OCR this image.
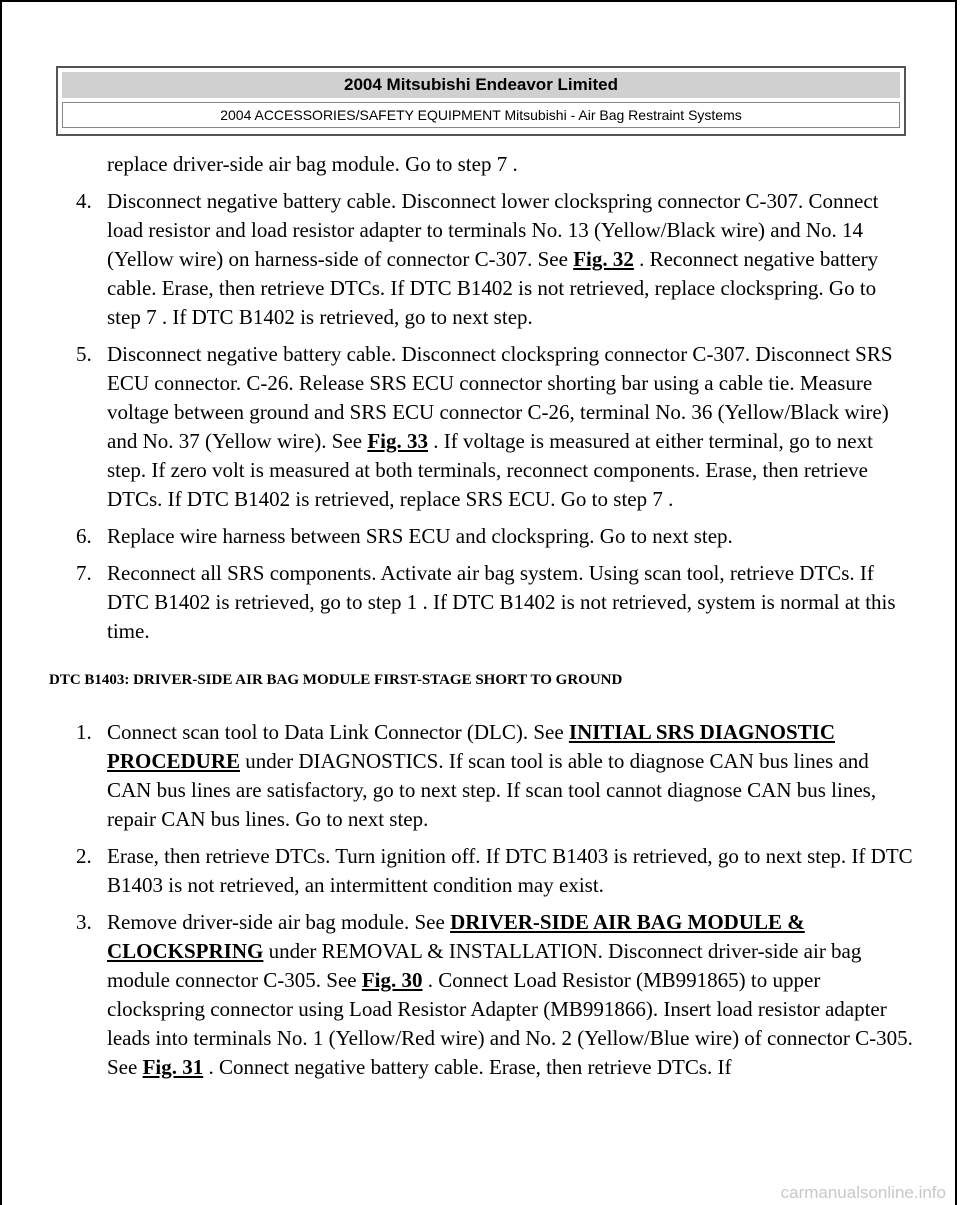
2004 Mitsubishi Endeavor Limited
2004 ACCESSORIES/SAFETY EQUIPMENT Mitsubishi - Air Bag Restraint Systems
replace driver-side air bag module. Go to step 7 .
4. Disconnect negative battery cable. Disconnect lower clockspring connector C-307. Connect load resistor and load resistor adapter to terminals No. 13 (Yellow/Black wire) and No. 14 (Yellow wire) on harness-side of connector C-307. See Fig. 32 . Reconnect negative battery cable. Erase, then retrieve DTCs. If DTC B1402 is not retrieved, replace clockspring. Go to step 7 . If DTC B1402 is retrieved, go to next step.
5. Disconnect negative battery cable. Disconnect clockspring connector C-307. Disconnect SRS ECU connector. C-26. Release SRS ECU connector shorting bar using a cable tie. Measure voltage between ground and SRS ECU connector C-26, terminal No. 36 (Yellow/Black wire) and No. 37 (Yellow wire). See Fig. 33 . If voltage is measured at either terminal, go to next step. If zero volt is measured at both terminals, reconnect components. Erase, then retrieve DTCs. If DTC B1402 is retrieved, replace SRS ECU. Go to step 7 .
6. Replace wire harness between SRS ECU and clockspring. Go to next step.
7. Reconnect all SRS components. Activate air bag system. Using scan tool, retrieve DTCs. If DTC B1402 is retrieved, go to step 1 . If DTC B1402 is not retrieved, system is normal at this time.
DTC B1403: DRIVER-SIDE AIR BAG MODULE FIRST-STAGE SHORT TO GROUND
1. Connect scan tool to Data Link Connector (DLC). See INITIAL SRS DIAGNOSTIC PROCEDURE under DIAGNOSTICS. If scan tool is able to diagnose CAN bus lines and CAN bus lines are satisfactory, go to next step. If scan tool cannot diagnose CAN bus lines, repair CAN bus lines. Go to next step.
2. Erase, then retrieve DTCs. Turn ignition off. If DTC B1403 is retrieved, go to next step. If DTC B1403 is not retrieved, an intermittent condition may exist.
3. Remove driver-side air bag module. See DRIVER-SIDE AIR BAG MODULE & CLOCKSPRING under REMOVAL & INSTALLATION. Disconnect driver-side air bag module connector C-305. See Fig. 30 . Connect Load Resistor (MB991865) to upper clockspring connector using Load Resistor Adapter (MB991866). Insert load resistor adapter leads into terminals No. 1 (Yellow/Red wire) and No. 2 (Yellow/Blue wire) of connector C-305. See Fig. 31 . Connect negative battery cable. Erase, then retrieve DTCs. If
carmanualsonline.info
